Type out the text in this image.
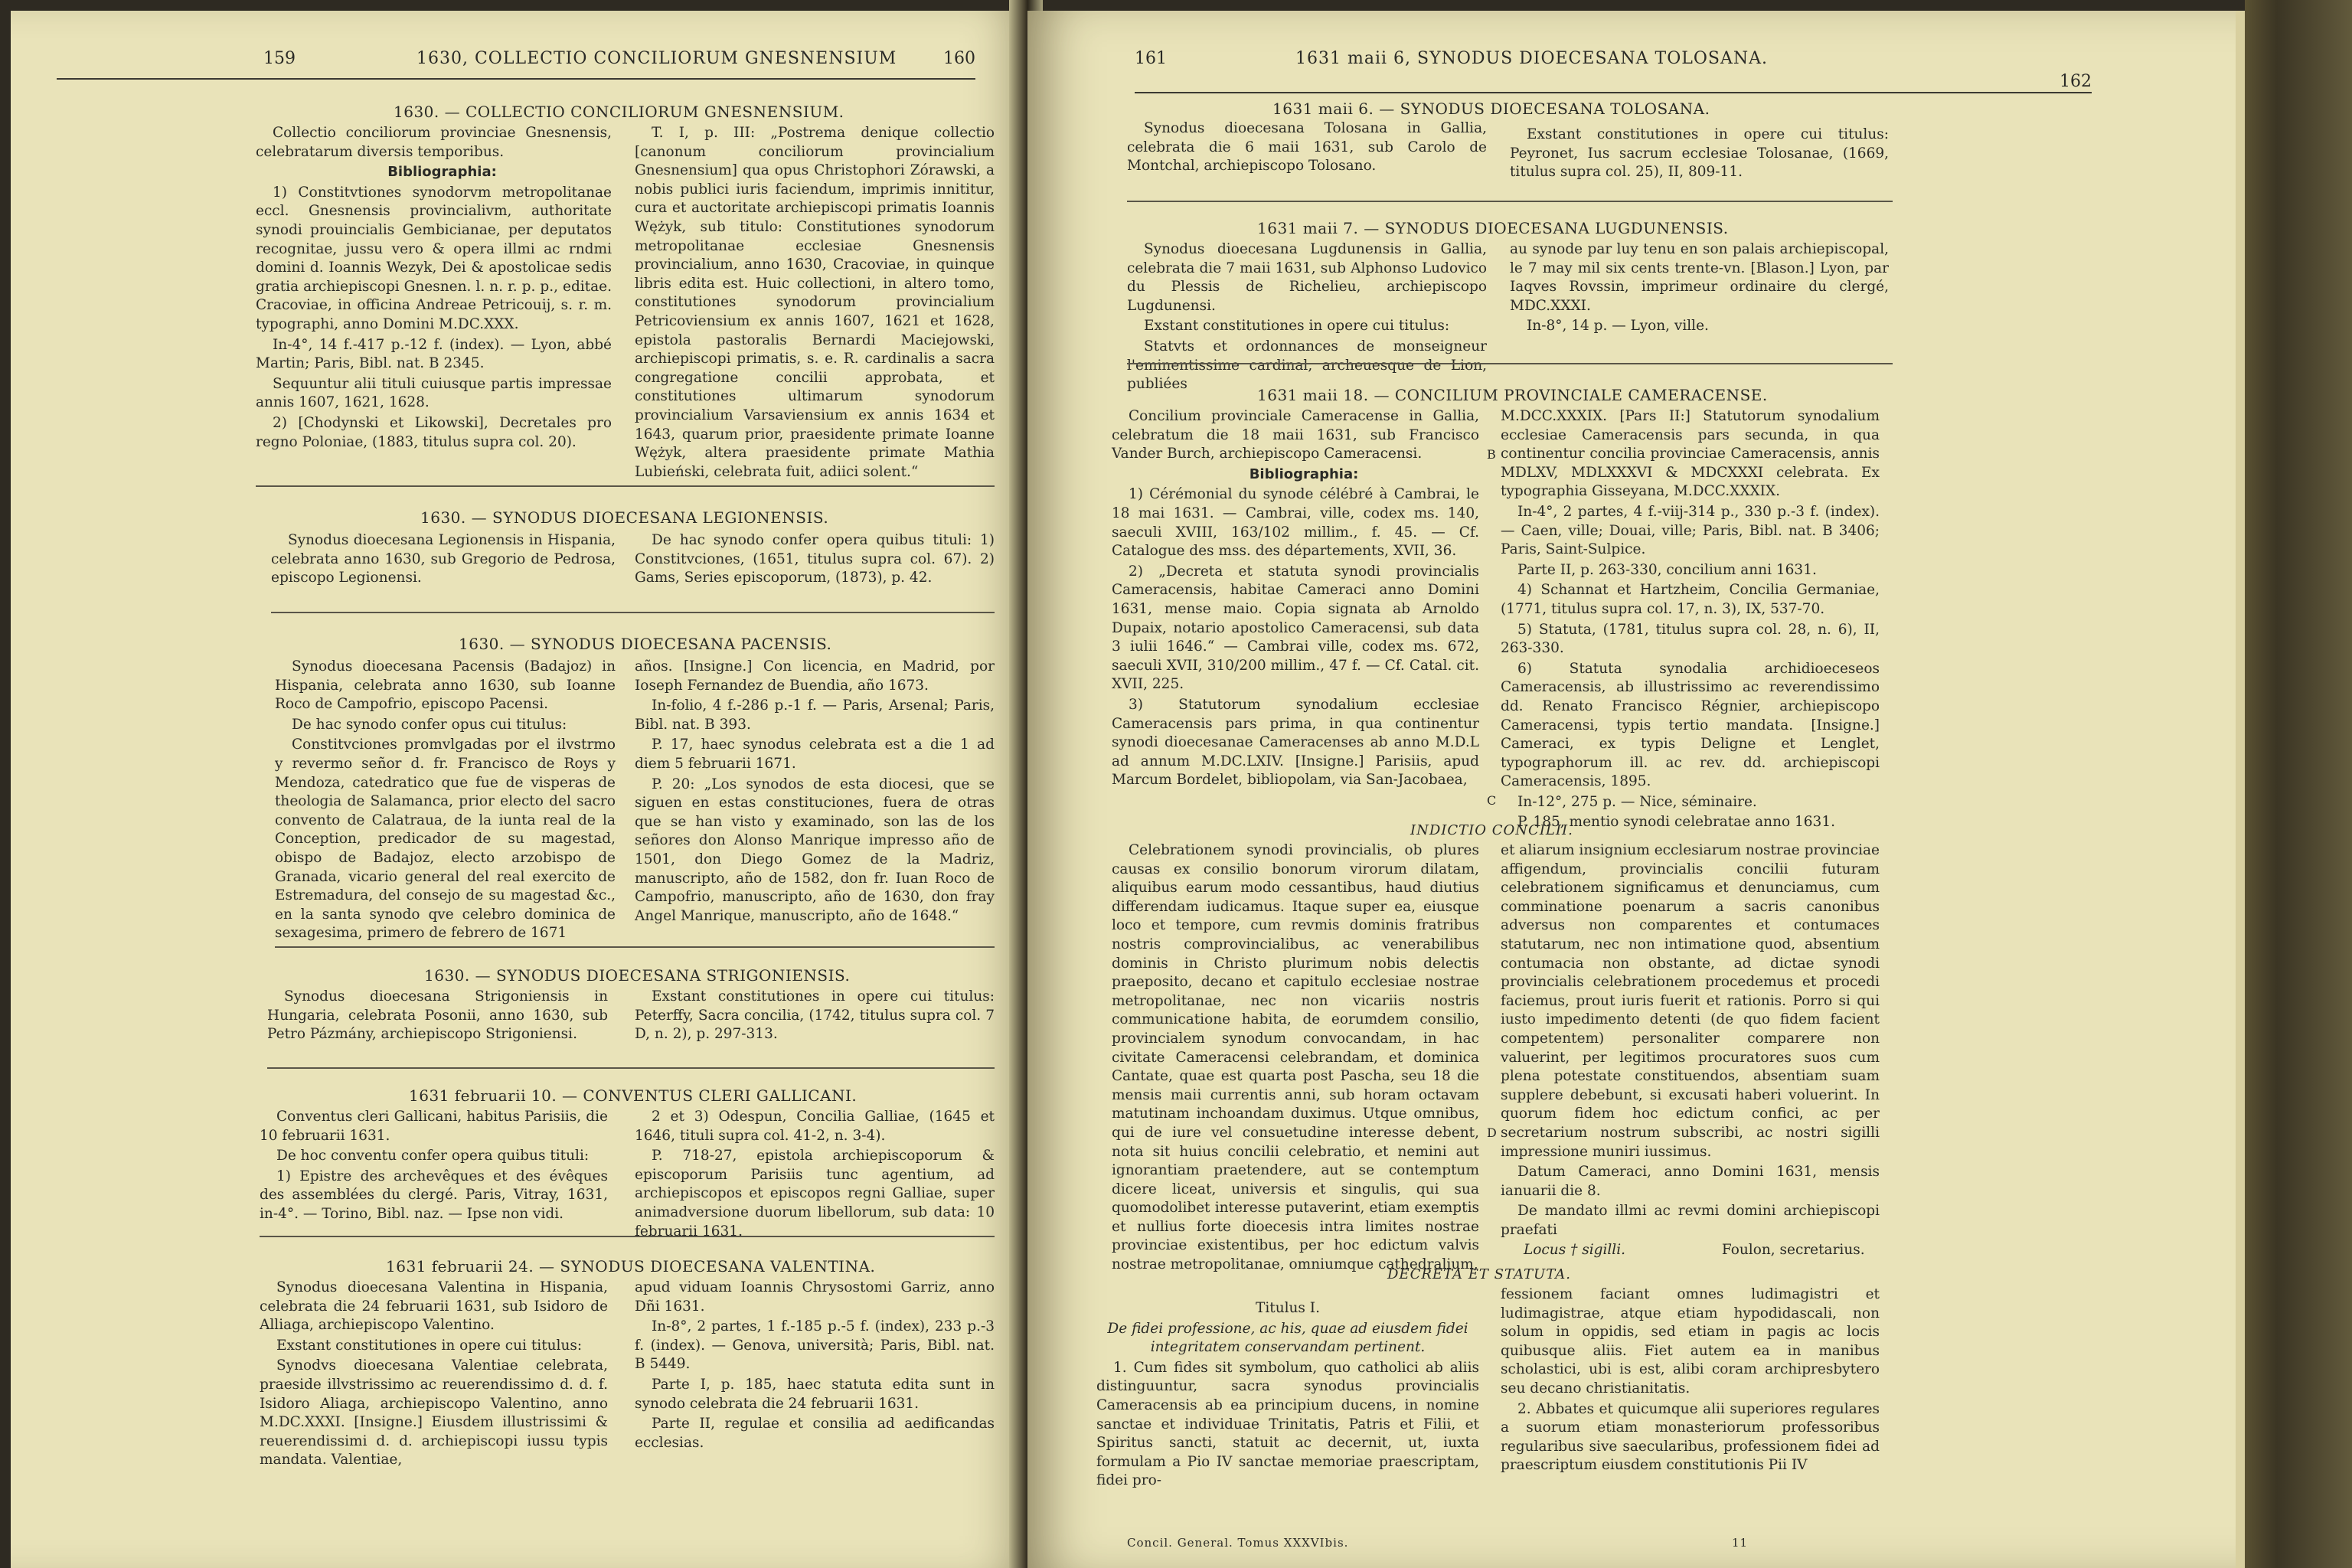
159	1630, COLLECTIO CONCILIORUM GNESNENSIUM	160
1630. — COLLECTIO CONCILIORUM GNESNENSIUM.

Collectio conciliorum provinciae Gnesnensis, celebratarum diversis temporibus.

Bibliographia:

1) Constitvtiones synodorvm metropolitanae eccl. Gnesnensis provincialivm, authoritate synodi prouincialis Gembicianae, per deputatos recognitae, jussu vero & opera illmi ac rndmi domini d. Ioannis Wezyk, Dei & apostolicae sedis gratia archiepiscopi Gnesnen. l. n. r. p. p., editae. Cracoviae, in officina Andreae Petricouij, s. r. m. typographi, anno Domini M.DC.XXX.

In-4°, 14 f.-417 p.-12 f. (index). — Lyon, abbé Martin; Paris, Bibl. nat. B 2345.

Sequuntur alii tituli cuiusque partis impressae annis 1607, 1621, 1628.

2) [Chodynski et Likowski], Decretales pro regno Poloniae, (1883, titulus supra col. 20).

T. I, p. III: „Postrema denique collectio [canonum conciliorum provincialium Gnesnensium] qua opus Christophori Zórawski, a nobis publici iuris faciendum, imprimis innititur, cura et auctoritate archiepiscopi primatis Ioannis Wężyk, sub titulo: Constitutiones synodorum metropolitanae ecclesiae Gnesnensis provincialium, anno 1630, Cracoviae, in quinque libris edita est. Huic collectioni, in altero tomo, constitutiones synodorum provincialium Petricoviensium ex annis 1607, 1621 et 1628, epistola pastoralis Bernardi Maciejowski, archiepiscopi primatis, s. e. R. cardinalis a sacra congregatione concilii approbata, et constitutiones ultimarum synodorum provincialium Varsaviensium ex annis 1634 et 1643, quarum prior, praesidente primate Ioanne Wężyk, altera praesidente primate Mathia Lubieński, celebrata fuit, adiici solent.“

1630. — SYNODUS DIOECESANA LEGIONENSIS.

Synodus dioecesana Legionensis in Hispania, celebrata anno 1630, sub Gregorio de Pedrosa, episcopo Legionensi.

De hac synodo confer opera quibus tituli: 1) Constitvciones, (1651, titulus supra col. 67). 2) Gams, Series episcoporum, (1873), p. 42.

1630. — SYNODUS DIOECESANA PACENSIS.

Synodus dioecesana Pacensis (Badajoz) in Hispania, celebrata anno 1630, sub Ioanne Roco de Campofrio, episcopo Pacensi.

De hac synodo confer opus cui titulus:

Constitvciones promvlgadas por el ilvstrmo y revermo señor d. fr. Francisco de Roys y Mendoza, catedratico que fue de visperas de theologia de Salamanca, prior electo del sacro convento de Calatraua, de la iunta real de la Conception, predicador de su magestad, obispo de Badajoz, electo arzobispo de Granada, vicario general del real exercito de Estremadura, del consejo de su magestad &c., en la santa synodo qve celebro dominica de sexagesima, primero de febrero de 1671

años. [Insigne.] Con licencia, en Madrid, por Ioseph Fernandez de Buendia, año 1673.

In-folio, 4 f.-286 p.-1 f. — Paris, Arsenal; Paris, Bibl. nat. B 393.

P. 17, haec synodus celebrata est a die 1 ad diem 5 februarii 1671.

P. 20: „Los synodos de esta diocesi, que se siguen en estas constituciones, fuera de otras que se han visto y examinado, son las de los señores don Alonso Manrique impresso año de 1501, don Diego Gomez de la Madriz, manuscripto, año de 1582, don fr. Iuan Roco de Campofrio, manuscripto, año de 1630, don fray Angel Manrique, manuscripto, año de 1648.“

1630. — SYNODUS DIOECESANA STRIGONIENSIS.

Synodus dioecesana Strigoniensis in Hungaria, celebrata Posonii, anno 1630, sub Petro Pázmány, archiepiscopo Strigoniensi.

Exstant constitutiones in opere cui titulus: Peterffy, Sacra concilia, (1742, titulus supra col. 7 D, n. 2), p. 297-313.

1631 februarii 10. — CONVENTUS CLERI GALLICANI.

Conventus cleri Gallicani, habitus Parisiis, die 10 februarii 1631.

De hoc conventu confer opera quibus tituli:

1) Epistre des archevêques et des évêques des assemblées du clergé. Paris, Vitray, 1631, in-4°. — Torino, Bibl. naz. — Ipse non vidi.

2 et 3) Odespun, Concilia Galliae, (1645 et 1646, tituli supra col. 41-2, n. 3-4).

P. 718-27, epistola archiepiscoporum & episcoporum Parisiis tunc agentium, ad archiepiscopos et episcopos regni Galliae, super animadversione duorum libellorum, sub data: 10 februarii 1631.

1631 februarii 24. — SYNODUS DIOECESANA VALENTINA.

Synodus dioecesana Valentina in Hispania, celebrata die 24 februarii 1631, sub Isidoro de Alliaga, archiepiscopo Valentino.

Exstant constitutiones in opere cui titulus:

Synodvs dioecesana Valentiae celebrata, praeside illvstrissimo ac reuerendissimo d. d. f. Isidoro Aliaga, archiepiscopo Valentino, anno M.DC.XXXI. [Insigne.] Eiusdem illustrissimi & reuerendissimi d. d. archiepiscopi iussu typis mandata. Valentiae,

apud viduam Ioannis Chrysostomi Garriz, anno Dñi 1631.

In-8°, 2 partes, 1 f.-185 p.-5 f. (index), 233 p.-3 f. (index). — Genova, università; Paris, Bibl. nat. B 5449.

Parte I, p. 185, haec statuta edita sunt in synodo celebrata die 24 februarii 1631.

Parte II, regulae et consilia ad aedificandas ecclesias.

161	1631 maii 6, SYNODUS DIOECESANA TOLOSANA.
162
1631 maii 6. — SYNODUS DIOECESANA TOLOSANA.

Synodus dioecesana Tolosana in Gallia, celebrata die 6 maii 1631, sub Carolo de Montchal, archiepiscopo Tolosano.

Exstant constitutiones in opere cui titulus: Peyronet, Ius sacrum ecclesiae Tolosanae, (1669, titulus supra col. 25), II, 809-11.

1631 maii 7. — SYNODUS DIOECESANA LUGDUNENSIS.

Synodus dioecesana Lugdunensis in Gallia, celebrata die 7 maii 1631, sub Alphonso Ludovico du Plessis de Richelieu, archiepiscopo Lugdunensi.

Exstant constitutiones in opere cui titulus:

Statvts et ordonnances de monseigneur l'eminentissime cardinal, archeuesque de Lion, publiées

au synode par luy tenu en son palais archiepiscopal, le 7 may mil six cents trente-vn. [Blason.] Lyon, par Iaqves Rovssin, imprimeur ordinaire du clergé, MDC.XXXI.

In-8°, 14 p. — Lyon, ville.

1631 maii 18. — CONCILIUM PROVINCIALE CAMERACENSE.

Concilium provinciale Cameracense in Gallia, celebratum die 18 maii 1631, sub Francisco Vander Burch, archiepiscopo Cameracensi.

Bibliographia:

1) Cérémonial du synode célébré à Cambrai, le 18 mai 1631. — Cambrai, ville, codex ms. 140, saeculi XVIII, 163/102 millim., f. 45. — Cf. Catalogue des mss. des départements, XVII, 36.

2) „Decreta et statuta synodi provincialis Cameracensis, habitae Cameraci anno Domini 1631, mense maio. Copia signata ab Arnoldo Dupaix, notario apostolico Cameracensi, sub data 3 iulii 1646.“ — Cambrai ville, codex ms. 672, saeculi XVII, 310/200 millim., 47 f. — Cf. Catal. cit. XVII, 225.

3) Statutorum synodalium ecclesiae Cameracensis pars prima, in qua continentur synodi dioecesanae Cameracenses ab anno M.D.L ad annum M.DC.LXIV. [Insigne.] Parisiis, apud Marcum Bordelet, bibliopolam, via San-Jacobaea,

B
C

M.DCC.XXXIX. [Pars II:] Statutorum synodalium ecclesiae Cameracensis pars secunda, in qua continentur concilia provinciae Cameracensis, annis MDLXV, MDLXXXVI & MDCXXXI celebrata. Ex typographia Gisseyana, M.DCC.XXXIX.

In-4°, 2 partes, 4 f.-viij-314 p., 330 p.-3 f. (index). — Caen, ville; Douai, ville; Paris, Bibl. nat. B 3406; Paris, Saint-Sulpice.

Parte II, p. 263-330, concilium anni 1631.

4) Schannat et Hartzheim, Concilia Germaniae, (1771, titulus supra col. 17, n. 3), IX, 537-70.

5) Statuta, (1781, titulus supra col. 28, n. 6), II, 263-330.

6) Statuta synodalia archidioeceseos Cameracensis, ab illustrissimo ac reverendissimo dd. Renato Francisco Régnier, archiepiscopo Cameracensi, typis tertio mandata. [Insigne.] Cameraci, ex typis Deligne et Lenglet, typographorum ill. ac rev. dd. archiepiscopi Cameracensis, 1895.

In-12°, 275 p. — Nice, séminaire.

P. 185, mentio synodi celebratae anno 1631.

INDICTIO CONCILII.

Celebrationem synodi provincialis, ob plures causas ex consilio bonorum virorum dilatam, aliquibus earum modo cessantibus, haud diutius differendam iudicamus. Itaque super ea, eiusque loco et tempore, cum revmis dominis fratribus nostris comprovincialibus, ac venerabilibus dominis in Christo plurimum nobis delectis praeposito, decano et capitulo ecclesiae nostrae metropolitanae, nec non vicariis nostris communicatione habita, de eorumdem consilio, provincialem synodum convocandam, in hac civitate Cameracensi celebrandam, et dominica Cantate, quae est quarta post Pascha, seu 18 die mensis maii currentis anni, sub horam octavam matutinam inchoandam duximus. Utque omnibus, qui de iure vel consuetudine interesse debent, nota sit huius concilii celebratio, et nemini aut ignorantiam praetendere, aut se contemptum dicere liceat, universis et singulis, qui sua quomodolibet interesse putaverint, etiam exemptis et nullius forte dioecesis intra limites nostrae provinciae existentibus, per hoc edictum valvis nostrae metropolitanae, omniumque cathedralium,

D

et aliarum insignium ecclesiarum nostrae provinciae affigendum, provincialis concilii futuram celebrationem significamus et denunciamus, cum comminatione poenarum a sacris canonibus adversus non comparentes et contumaces statutarum, nec non intimatione quod, absentium contumacia non obstante, ad dictae synodi provincialis celebrationem procedemus et procedi faciemus, prout iuris fuerit et rationis. Porro si qui iusto impedimento detenti (de quo fidem facient competentem) personaliter comparere non valuerint, per legitimos procuratores suos cum plena potestate constituendos, absentiam suam supplere debebunt, si excusati haberi voluerint. In quorum fidem hoc edictum confici, ac per secretarium nostrum subscribi, ac nostri sigilli impressione muniri iussimus.

Datum Cameraci, anno Domini 1631, mensis ianuarii die 8.

De mandato illmi ac revmi domini archiepiscopi praefati

Locus † sigilli.	Foulon, secretarius.

DECRETA ET STATUTA.

Titulus I.

De fidei professione, ac his, quae ad eiusdem fidei integritatem conservandam pertinent.

1. Cum fides sit symbolum, quo catholici ab aliis distinguuntur, sacra synodus provincialis Cameracensis ab ea principium ducens, in nomine sanctae et individuae Trinitatis, Patris et Filii, et Spiritus sancti, statuit ac decernit, ut, iuxta formulam a Pio IV sanctae memoriae praescriptam, fidei pro-

fessionem faciant omnes ludimagistri et ludimagistrae, atque etiam hypodidascali, non solum in oppidis, sed etiam in pagis ac locis quibusque aliis. Fiet autem ea in manibus scholastici, ubi is est, alibi coram archipresbytero seu decano christianitatis.

2. Abbates et quicumque alii superiores regulares a suorum etiam monasteriorum professoribus regularibus sive saecularibus, professionem fidei ad praescriptum eiusdem constitutionis Pii IV

Concil. General. Tomus XXXVIbis.	11
